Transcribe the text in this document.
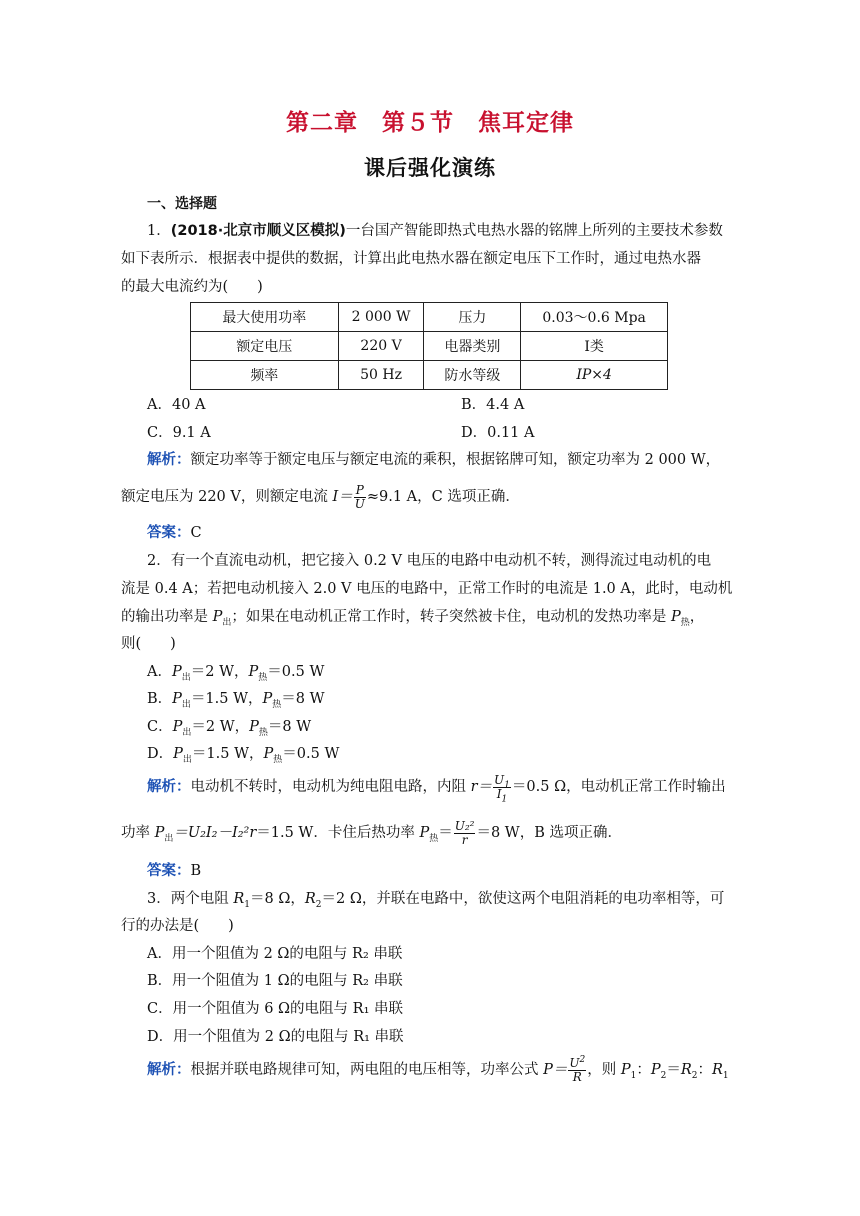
第二章　第５节　焦耳定律
课后强化演练
一、选择题
1．(2018·北京市顺义区模拟)一台国产智能即热式电热水器的铭牌上所列的主要技术参数
如下表所示．根据表中提供的数据，计算出此电热水器在额定电压下工作时，通过电热水器
的最大电流约为(　　)
最大使用功率	2 000 W	压力	0.03～0.6 Mpa
额定电压	220 V	电器类别	Ⅰ类
频率	50 Hz	防水等级	IP×4
A．40 A	B．4.4 A
C．9.1 A	D．0.11 A
解析：额定功率等于额定电压与额定电流的乘积，根据铭牌可知，额定功率为 2 000 W，
额定电压为 220 V，则额定电流 $I= \frac{P}{U} \approx 9.1$ A，C 选项正确．
答案：C
2．有一个直流电动机，把它接入 0.2 V 电压的电路中电动机不转，测得流过电动机的电
流是 0.4 A；若把电动机接入 2.0 V 电压的电路中，正常工作时的电流是 1.0 A，此时，电动机
的输出功率是 $P_出$；如果在电动机正常工作时，转子突然被卡住，电动机的发热功率是 $P_热$，
则(　　)
A．$P_出=2$ W，$P_热=0.5$ W
B．$P_出=1.5$ W，$P_热=8$ W
C．$P_出=2$ W，$P_热=8$ W
D．$P_出=1.5$ W，$P_热=0.5$ W
解析：电动机不转时，电动机为纯电阻电路，内阻 $r= \frac{U_1}{I_1} =0.5$ Ω，电动机正常工作时输出
功率 $P_出=U_2I_2-I_2^2r=1.5$ W．卡住后热功率 $P_热= \frac{\text{U₂²}}{r} =8$ W，B 选项正确．
答案：B
3．两个电阻 $R_1=8$ Ω，$R_2=2$ Ω，并联在电路中，欲使这两个电阻消耗的电功率相等，可
行的办法是(　　)
A．用一个阻值为 2 Ω的电阻与 R₂ 串联
B．用一个阻值为 1 Ω的电阻与 R₂ 串联
C．用一个阻值为 6 Ω的电阻与 R₁ 串联
D．用一个阻值为 2 Ω的电阻与 R₁ 串联
解析：根据并联电路规律可知，两电阻的电压相等，功率公式 $P= \frac{U^2}{R}$ ，则 $P_1$：$P_2=R_2$：$R_1$
